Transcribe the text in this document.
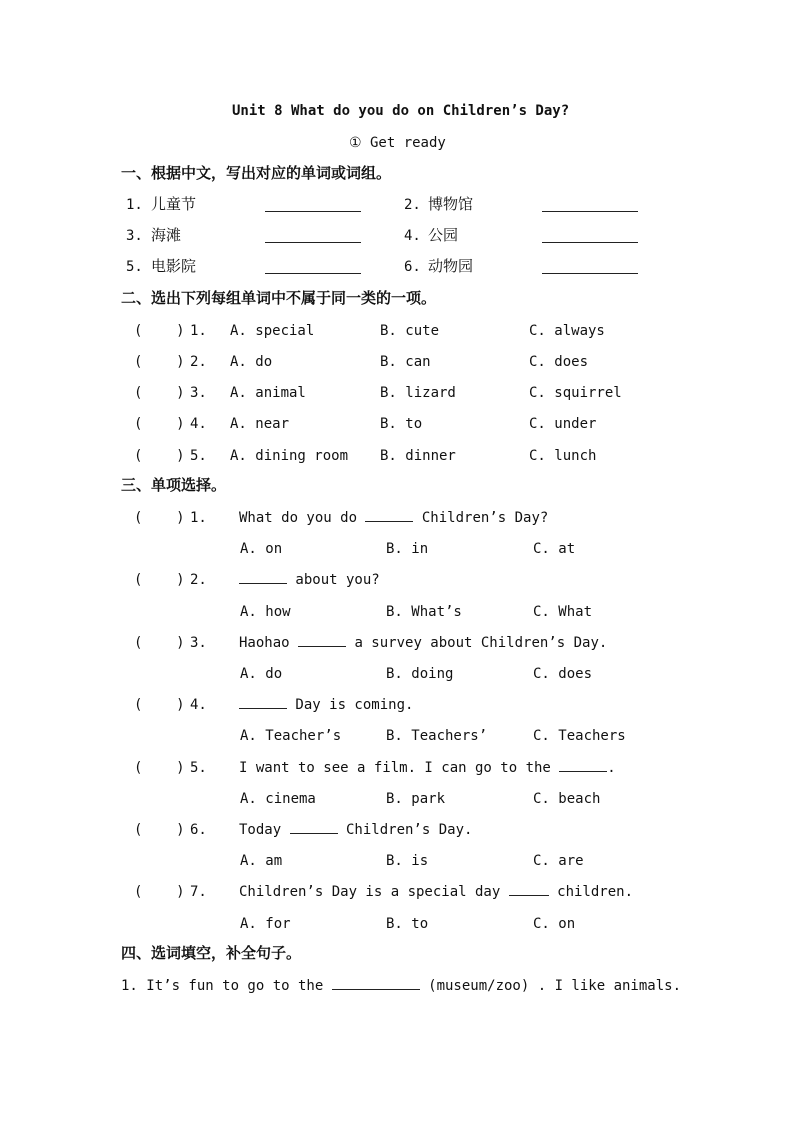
Unit 8 What do you do on Children’s Day?
① Get ready
一、根据中文，写出对应的单词或词组。
1. 儿童节	2. 博物馆
3. 海滩	4. 公园
5. 电影院	6. 动物园
二、选出下列每组单词中不属于同一类的一项。
(    ) 1. A. special	B. cute	C. always
(    ) 2. A. do	B. can	C. does
(    ) 3. A. animal	B. lizard	C. squirrel
(    ) 4. A. near	B. to	C. under
(    ) 5. A. dining room B. dinner	C. lunch
三、单项选择。
(    ) 1. What do you do	Children’s Day?
A. on	B. in	C. at
(    ) 2.	about you?
A. how	B. What’s	C. What
(    ) 3. Haohao	a survey about Children’s Day.
A. do	B. doing	C. does
(    ) 4.	Day is coming.
A. Teacher’s	B. Teachers’	C. Teachers
(    ) 5. I want to see a film. I can go to the	.
A. cinema	B. park	C. beach
(    ) 6. Today	Children’s Day.
A. am	B. is	C. are
(    ) 7. Children’s Day is a special day	children.
A. for	B. to	C. on
四、选词填空，补全句子。
1. It’s fun to go to the	(museum/zoo) . I like animals.
